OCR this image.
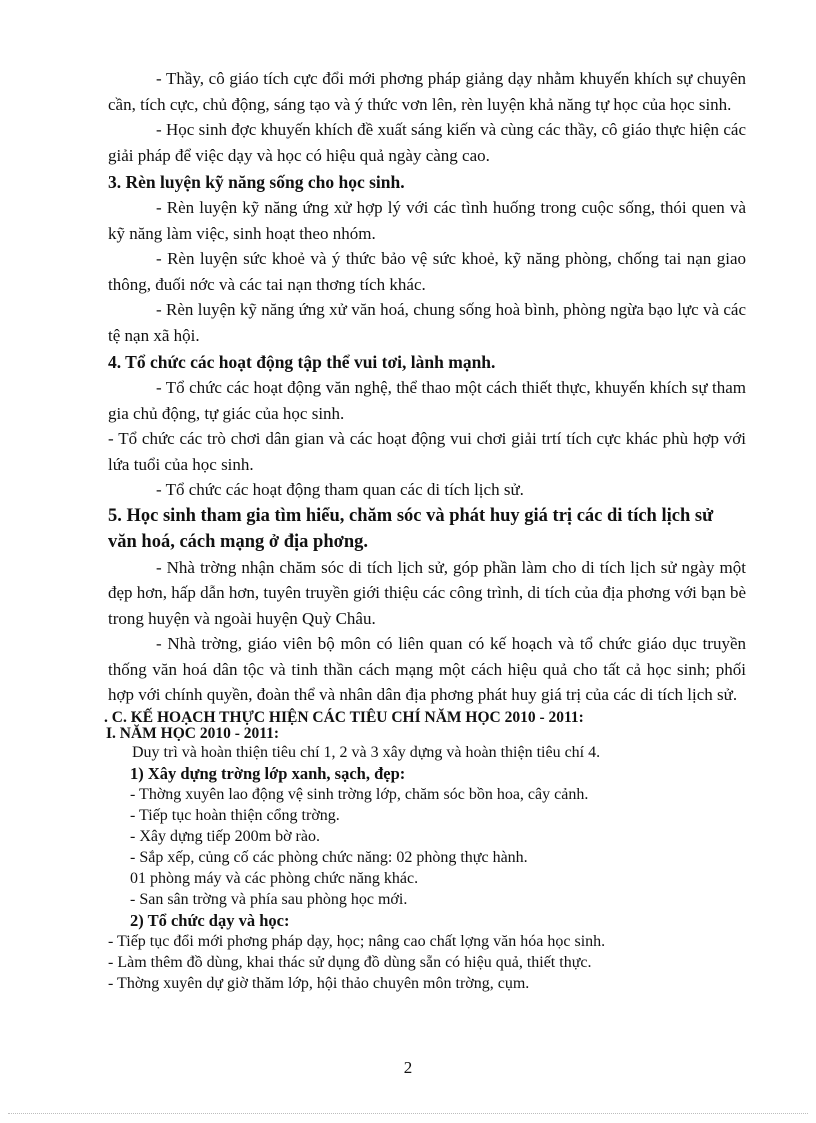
- Thầy, cô giáo tích cực đổi mới phơng pháp giảng dạy nhằm khuyến khích sự chuyên cần, tích cực, chủ động, sáng tạo và ý thức vơn lên, rèn luyện khả năng tự học của học sinh.

- Học sinh đợc khuyến khích đề xuất sáng kiến và cùng các thầy, cô giáo thực hiện các giải pháp để việc dạy và học có hiệu quả ngày càng cao.

3. Rèn luyện kỹ năng sống cho học sinh.

- Rèn luyện kỹ năng ứng xử hợp lý với các tình huống trong cuộc sống, thói quen và kỹ năng làm việc, sinh hoạt theo nhóm.

- Rèn luyện sức khoẻ và ý thức bảo vệ sức khoẻ, kỹ năng phòng, chống tai nạn giao thông, đuối nớc và các tai nạn thơng tích khác.

- Rèn luyện kỹ năng ứng xử văn hoá, chung sống hoà bình, phòng ngừa bạo lực và các tệ nạn xã hội.

4. Tổ chức các hoạt động tập thể vui tơi, lành mạnh.

- Tổ chức các hoạt động văn nghệ, thể thao một cách thiết thực, khuyến khích sự tham gia chủ động, tự giác của học sinh.

- Tổ chức các trò chơi dân gian và các hoạt động vui chơi giải trtí tích cực khác phù hợp với lứa tuổi của học sinh.

- Tổ chức các hoạt động tham quan các di tích lịch sử.

5. Học sinh tham gia tìm hiểu, chăm sóc và phát huy giá trị các di tích lịch sử văn hoá, cách mạng ở địa phơng.

- Nhà trờng nhận chăm sóc di tích lịch sử, góp phần làm cho di tích lịch sử ngày một đẹp hơn, hấp dẫn hơn, tuyên truyền giới thiệu các công trình, di tích của địa phơng với bạn bè trong huyện và ngoài huyện Quỳ Châu.

- Nhà trờng, giáo viên bộ môn có liên quan có kế hoạch và tổ chức giáo dục truyền thống văn hoá dân tộc và tinh thần cách mạng một cách hiệu quả cho tất cả học sinh; phối hợp với chính quyền, đoàn thể và nhân dân địa phơng phát huy giá trị của các di tích lịch sử.

. C. KẾ HOẠCH THỰC HIỆN CÁC TIÊU CHÍ NĂM HỌC 2010 - 2011:

I. NĂM HỌC 2010 - 2011:

Duy trì và hoàn thiện tiêu chí 1, 2 và 3 xây dựng và hoàn thiện tiêu chí 4.

1) Xây dựng trờng lớp xanh, sạch, đẹp:

- Thờng xuyên lao động vệ sinh trờng lớp, chăm sóc bồn hoa, cây cảnh.

- Tiếp tục hoàn thiện cổng trờng.

- Xây dựng tiếp 200m bờ rào.

- Sắp xếp, củng cố các phòng chức năng: 02 phòng thực hành.

01 phòng máy và các phòng chức năng khác.

- San sân trờng và phía sau phòng học mới.

2) Tổ chức dạy và học:

- Tiếp tục đổi mới phơng pháp dạy, học; nâng cao chất lợng văn hóa học sinh.

- Làm thêm đồ dùng, khai thác sử dụng đồ dùng sẵn có hiệu quả, thiết thực.

- Thờng xuyên dự giờ thăm lớp, hội thảo chuyên môn trờng, cụm.

2
